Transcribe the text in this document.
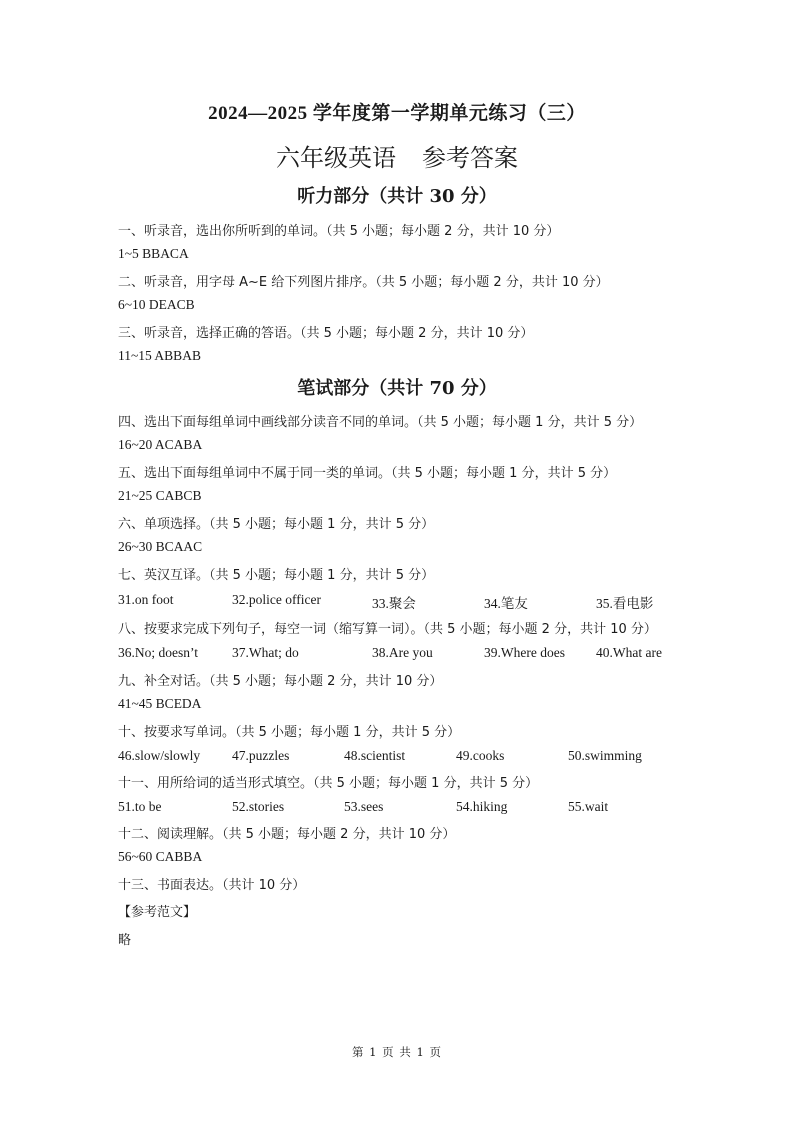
2024—2025 学年度第一学期单元练习（三）
六年级英语 参考答案
听力部分（共计 30 分）
一、听录音，选出你所听到的单词。（共 5 小题；每小题 2 分，共计 10 分）
1~5 BBACA
二、听录音，用字母 A~E 给下列图片排序。（共 5 小题；每小题 2 分，共计 10 分）
6~10 DEACB
三、听录音，选择正确的答语。（共 5 小题；每小题 2 分，共计 10 分）
11~15 ABBAB
笔试部分（共计 70 分）
四、选出下面每组单词中画线部分读音不同的单词。（共 5 小题；每小题 1 分，共计 5 分）
16~20 ACABA
五、选出下面每组单词中不属于同一类的单词。（共 5 小题；每小题 1 分，共计 5 分）
21~25 CABCB
六、单项选择。（共 5 小题；每小题 1 分，共计 5 分）
26~30 BCAAC
七、英汉互译。（共 5 小题；每小题 1 分，共计 5 分）
31.on foot	32.police officer	33.聚会	34.笔友	35.看电影
八、按要求完成下列句子，每空一词（缩写算一词）。（共 5 小题；每小题 2 分，共计 10 分）
36.No; doesn’t	37.What; do	38.Are you	39.Where does 40.What are
九、补全对话。（共 5 小题；每小题 2 分，共计 10 分）
41~45 BCEDA
十、按要求写单词。（共 5 小题；每小题 1 分，共计 5 分）
46.slow/slowly 47.puzzles	48.scientist	49.cooks	50.swimming
十一、用所给词的适当形式填空。（共 5 小题；每小题 1 分，共计 5 分）
51.to be	52.stories	53.sees	54.hiking	55.wait
十二、阅读理解。（共 5 小题；每小题 2 分，共计 10 分）
56~60 CABBA
十三、书面表达。（共计 10 分）
【参考范文】
略
第 1 页 共 1 页
